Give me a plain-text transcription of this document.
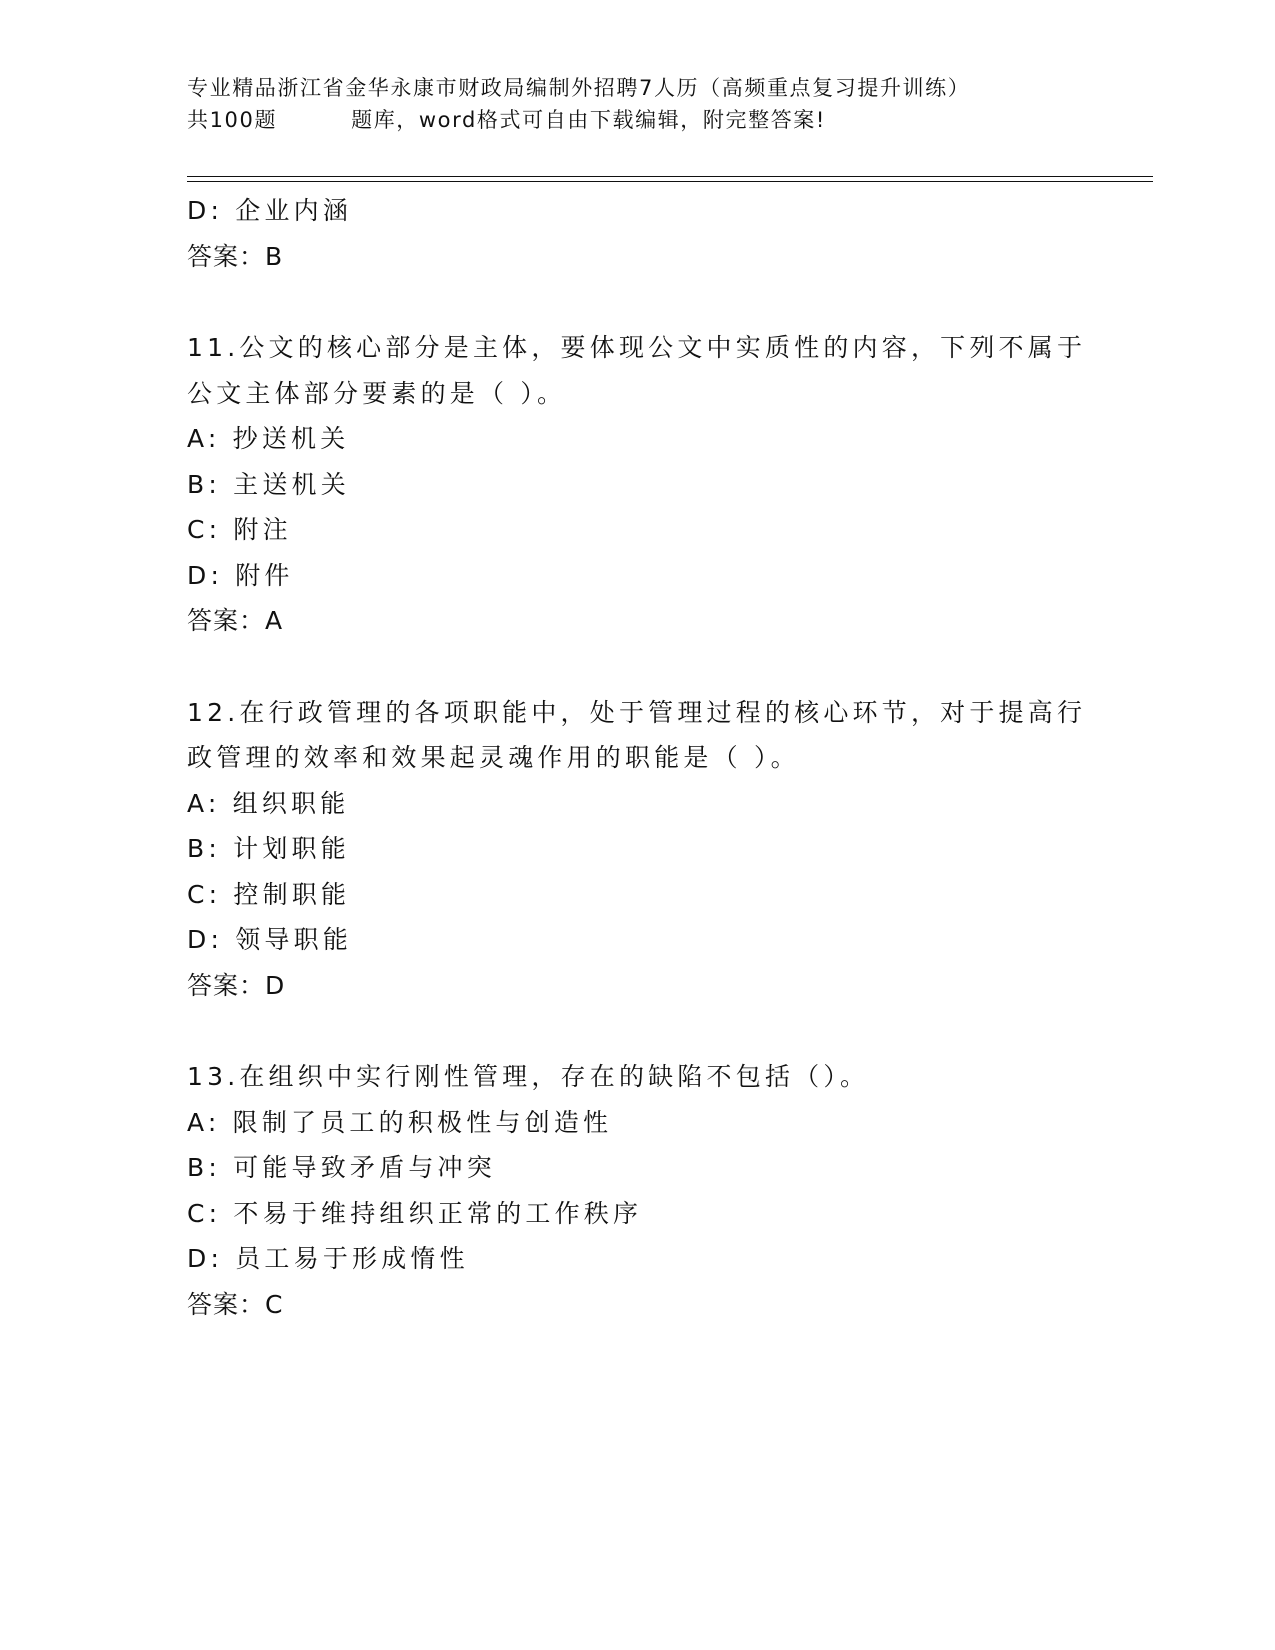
专业精品浙江省金华永康市财政局编制外招聘7人历（高频重点复习提升训练）
共100题	题库，word格式可自由下载编辑，附完整答案!
D: 企业内涵
答案：B
11.公文的核心部分是主体，要体现公文中实质性的内容，下列不属于
公文主体部分要素的是（ ）。
A: 抄送机关
B: 主送机关
C: 附注
D: 附件
答案：A
12.在行政管理的各项职能中，处于管理过程的核心环节，对于提高行
政管理的效率和效果起灵魂作用的职能是（ ）。
A: 组织职能
B: 计划职能
C: 控制职能
D: 领导职能
答案：D
13.在组织中实行刚性管理，存在的缺陷不包括（）。
A: 限制了员工的积极性与创造性
B: 可能导致矛盾与冲突
C: 不易于维持组织正常的工作秩序
D: 员工易于形成惰性
答案：C
